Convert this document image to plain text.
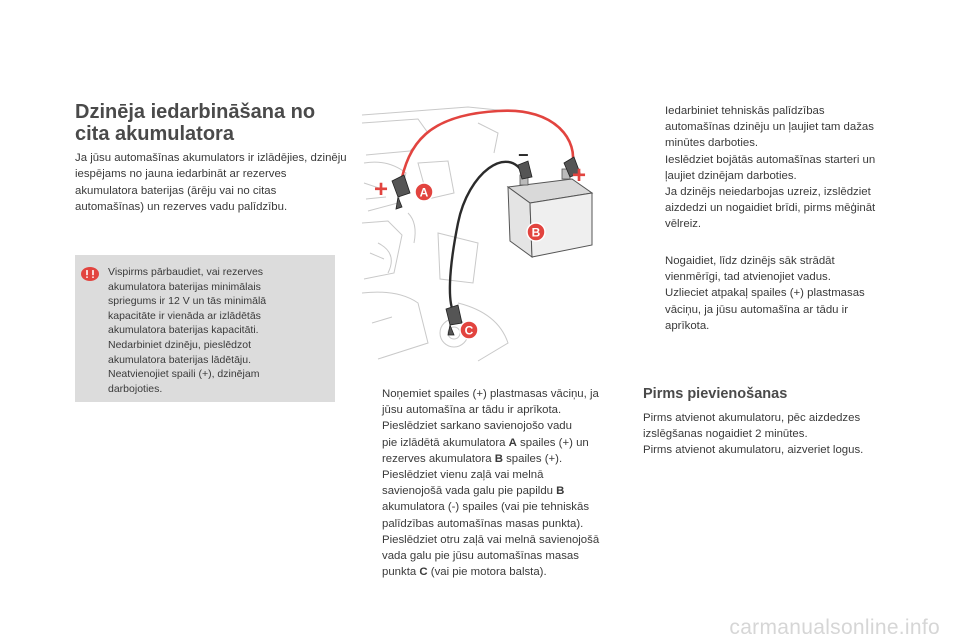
Dzinēja iedarbināšana no
cita akumulatora

Ja jūsu automašīnas akumulators ir izlādējies, dzinēju iespējams no jauna iedarbināt ar rezerves akumulatora baterijas (ārēju vai no citas automašīnas) un rezerves vadu palīdzību.

Vispirms pārbaudiet, vai rezerves
akumulatora baterijas minimālais
spriegums ir 12 V un tās minimālā
kapacitāte ir vienāda ar izlādētās
akumulatora baterijas kapacitāti.
Nedarbiniet dzinēju, pieslēdzot
akumulatora baterijas lādētāju.
Neatvienojiet spaili (+), dzinējam
darbojoties.

+
+
−
A
B
C
Noņemiet spailes (+) plastmasas vāciņu, ja
jūsu automašīna ar tādu ir aprīkota.
Pieslēdziet sarkano savienojošo vadu
pie izlādētā akumulatora A spailes (+) un
rezerves akumulatora B spailes (+).
Pieslēdziet vienu zaļā vai melnā
savienojošā vada galu pie papildu B
akumulatora (-) spailes (vai pie tehniskās
palīdzības automašīnas masas punkta).
Pieslēdziet otru zaļā vai melnā savienojošā
vada galu pie jūsu automašīnas masas
punkta C (vai pie motora balsta).
Iedarbiniet tehniskās palīdzības
automašīnas dzinēju un ļaujiet tam dažas
minūtes darboties.
Ieslēdziet bojātās automašīnas starteri un
ļaujiet dzinējam darboties.
Ja dzinējs neiedarbojas uzreiz, izslēdziet
aizdedzi un nogaidiet brīdi, pirms mēģināt
vēlreiz.
Nogaidiet, līdz dzinējs sāk strādāt
vienmērīgi, tad atvienojiet vadus.
Uzlieciet atpakaļ spailes (+) plastmasas
vāciņu, ja jūsu automašīna ar tādu ir
aprīkota.
Pirms pievienošanas

Pirms atvienot akumulatoru, pēc aizdedzes
izslēgšanas nogaidiet 2 minūtes.
Pirms atvienot akumulatoru, aizveriet logus.

carmanualsonline.info
